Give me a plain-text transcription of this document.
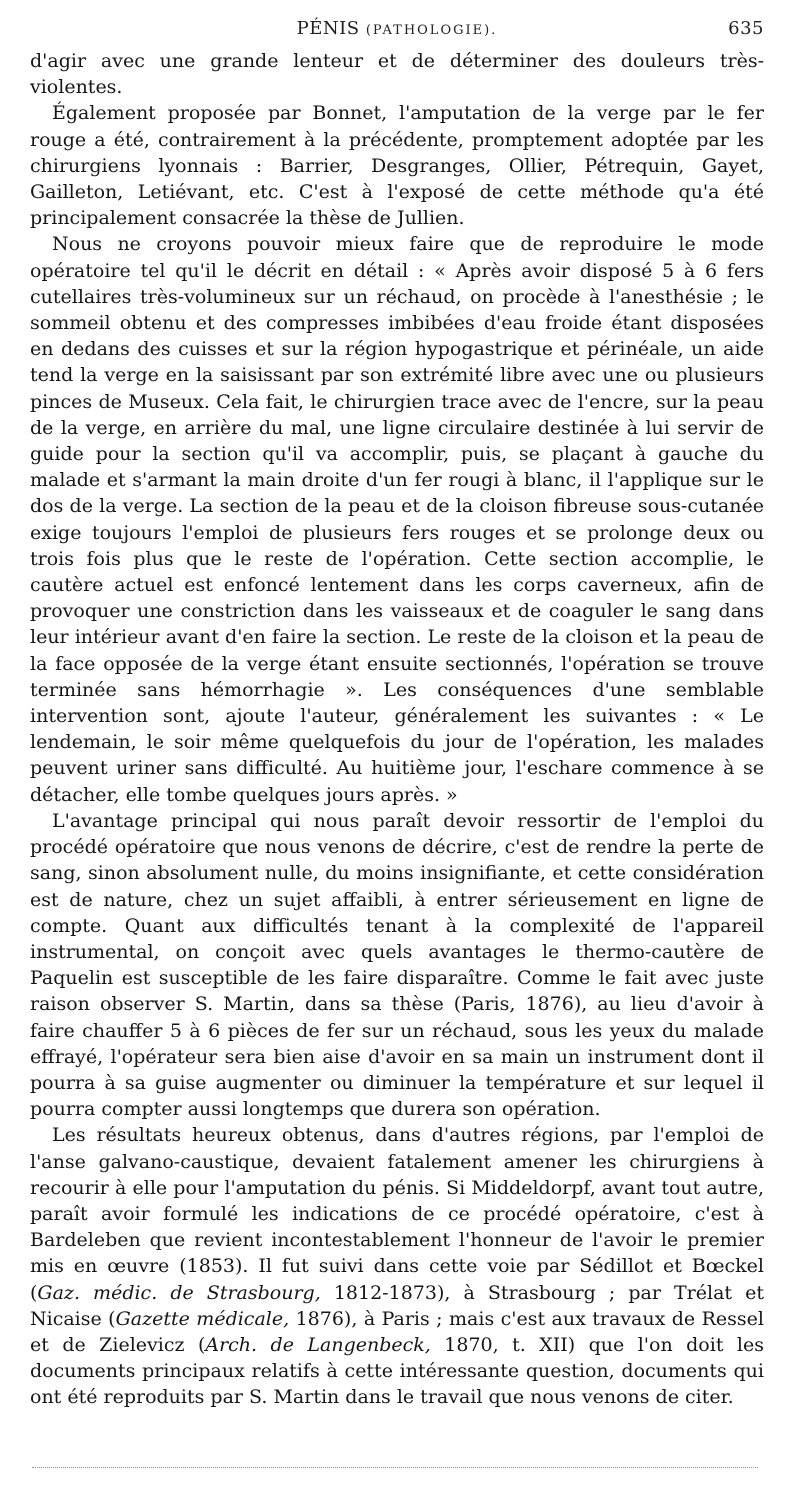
PÉNIS (PATHOLOGIE).	635

d'agir avec une grande lenteur et de déterminer des douleurs très-violentes.

Également proposée par Bonnet, l'amputation de la verge par le fer rouge a été, contrairement à la précédente, promptement adoptée par les chirurgiens lyonnais : Barrier, Desgranges, Ollier, Pétrequin, Gayet, Gailleton, Letiévant, etc. C'est à l'exposé de cette méthode qu'a été principalement consacrée la thèse de Jullien.

Nous ne croyons pouvoir mieux faire que de reproduire le mode opératoire tel qu'il le décrit en détail : « Après avoir disposé 5 à 6 fers cutellaires très-volumineux sur un réchaud, on procède à l'anesthésie ; le sommeil obtenu et des compresses imbibées d'eau froide étant disposées en dedans des cuisses et sur la région hypogastrique et périnéale, un aide tend la verge en la saisissant par son extrémité libre avec une ou plusieurs pinces de Museux. Cela fait, le chirurgien trace avec de l'encre, sur la peau de la verge, en arrière du mal, une ligne circulaire destinée à lui servir de guide pour la section qu'il va accomplir, puis, se plaçant à gauche du malade et s'armant la main droite d'un fer rougi à blanc, il l'applique sur le dos de la verge. La section de la peau et de la cloison fibreuse sous-cutanée exige toujours l'emploi de plusieurs fers rouges et se prolonge deux ou trois fois plus que le reste de l'opération. Cette section accomplie, le cautère actuel est enfoncé lentement dans les corps caverneux, afin de provoquer une constriction dans les vaisseaux et de coaguler le sang dans leur intérieur avant d'en faire la section. Le reste de la cloison et la peau de la face opposée de la verge étant ensuite sectionnés, l'opération se trouve terminée sans hémorrhagie ». Les conséquences d'une semblable intervention sont, ajoute l'auteur, généralement les suivantes : « Le lendemain, le soir même quelquefois du jour de l'opération, les malades peuvent uriner sans difficulté. Au huitième jour, l'eschare commence à se détacher, elle tombe quelques jours après. »

L'avantage principal qui nous paraît devoir ressortir de l'emploi du procédé opératoire que nous venons de décrire, c'est de rendre la perte de sang, sinon absolument nulle, du moins insignifiante, et cette considération est de nature, chez un sujet affaibli, à entrer sérieusement en ligne de compte. Quant aux difficultés tenant à la complexité de l'appareil instrumental, on conçoit avec quels avantages le thermo-cautère de Paquelin est susceptible de les faire disparaître. Comme le fait avec juste raison observer S. Martin, dans sa thèse (Paris, 1876), au lieu d'avoir à faire chauffer 5 à 6 pièces de fer sur un réchaud, sous les yeux du malade effrayé, l'opérateur sera bien aise d'avoir en sa main un instrument dont il pourra à sa guise augmenter ou diminuer la température et sur lequel il pourra compter aussi longtemps que durera son opération.

Les résultats heureux obtenus, dans d'autres régions, par l'emploi de l'anse galvano-caustique, devaient fatalement amener les chirurgiens à recourir à elle pour l'amputation du pénis. Si Middeldorpf, avant tout autre, paraît avoir formulé les indications de ce procédé opératoire, c'est à Bardeleben que revient incontestablement l'honneur de l'avoir le premier mis en œuvre (1853). Il fut suivi dans cette voie par Sédillot et Bœckel (Gaz. médic. de Strasbourg, 1812-1873), à Strasbourg ; par Trélat et Nicaise (Gazette médicale, 1876), à Paris ; mais c'est aux travaux de Ressel et de Zielevicz (Arch. de Langenbeck, 1870, t. XII) que l'on doit les documents principaux relatifs à cette intéressante question, documents qui ont été reproduits par S. Martin dans le travail que nous venons de citer.
